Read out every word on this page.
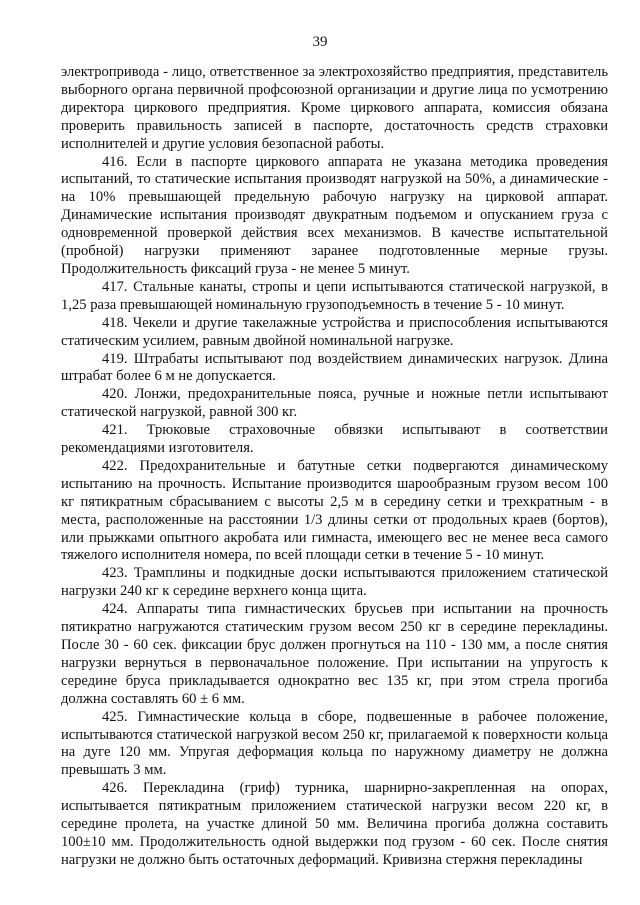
39

электропривода - лицо, ответственное за электрохозяйство предприятия, представитель выборного органа первичной профсоюзной организации и другие лица по усмотрению директора циркового предприятия. Кроме циркового аппарата, комиссия обязана проверить правильность записей в паспорте, достаточность средств страховки исполнителей и другие условия безопасной работы.

416. Если в паспорте циркового аппарата не указана методика проведения испытаний, то статические испытания производят нагрузкой на 50%, а динамические - на 10% превышающей предельную рабочую нагрузку на цирковой аппарат. Динамические испытания производят двукратным подъемом и опусканием груза с одновременной проверкой действия всех механизмов. В качестве испытательной (пробной) нагрузки применяют заранее подготовленные мерные грузы. Продолжительность фиксаций груза - не менее 5 минут.

417. Стальные канаты, стропы и цепи испытываются статической нагрузкой, в 1,25 раза превышающей номинальную грузоподъемность в течение 5 - 10 минут.

418. Чекели и другие такелажные устройства и приспособления испытываются статическим усилием, равным двойной номинальной нагрузке.

419. Штрабаты испытывают под воздействием динамических нагрузок. Длина штрабат более 6 м не допускается.

420. Лонжи, предохранительные пояса, ручные и ножные петли испытывают статической нагрузкой, равной 300 кг.

421. Трюковые страховочные обвязки испытывают в соответствии рекомендациями изготовителя.

422. Предохранительные и батутные сетки подвергаются динамическому испытанию на прочность. Испытание производится шарообразным грузом весом 100 кг пятикратным сбрасыванием с высоты 2,5 м в середину сетки и трехкратным - в места, расположенные на расстоянии 1/3 длины сетки от продольных краев (бортов), или прыжками опытного акробата или гимнаста, имеющего вес не менее веса самого тяжелого исполнителя номера, по всей площади сетки в течение 5 - 10 минут.

423. Трамплины и подкидные доски испытываются приложением статической нагрузки 240 кг к середине верхнего конца щита.

424. Аппараты типа гимнастических брусьев при испытании на прочность пятикратно нагружаются статическим грузом весом 250 кг в середине перекладины. После 30 - 60 сек. фиксации брус должен прогнуться на 110 - 130 мм, а после снятия нагрузки вернуться в первоначальное положение. При испытании на упругость к середине бруса прикладывается однократно вес 135 кг, при этом стрела прогиба должна составлять 60 ± 6 мм.

425. Гимнастические кольца в сборе, подвешенные в рабочее положение, испытываются статической нагрузкой весом 250 кг, прилагаемой к поверхности кольца на дуге 120 мм. Упругая деформация кольца по наружному диаметру не должна превышать 3 мм.

426. Перекладина (гриф) турника, шарнирно-закрепленная на опорах, испытывается пятикратным приложением статической нагрузки весом 220 кг, в середине пролета, на участке длиной 50 мм. Величина прогиба должна составить 100±10 мм. Продолжительность одной выдержки под грузом - 60 сек. После снятия нагрузки не должно быть остаточных деформаций. Кривизна стержня перекладины
